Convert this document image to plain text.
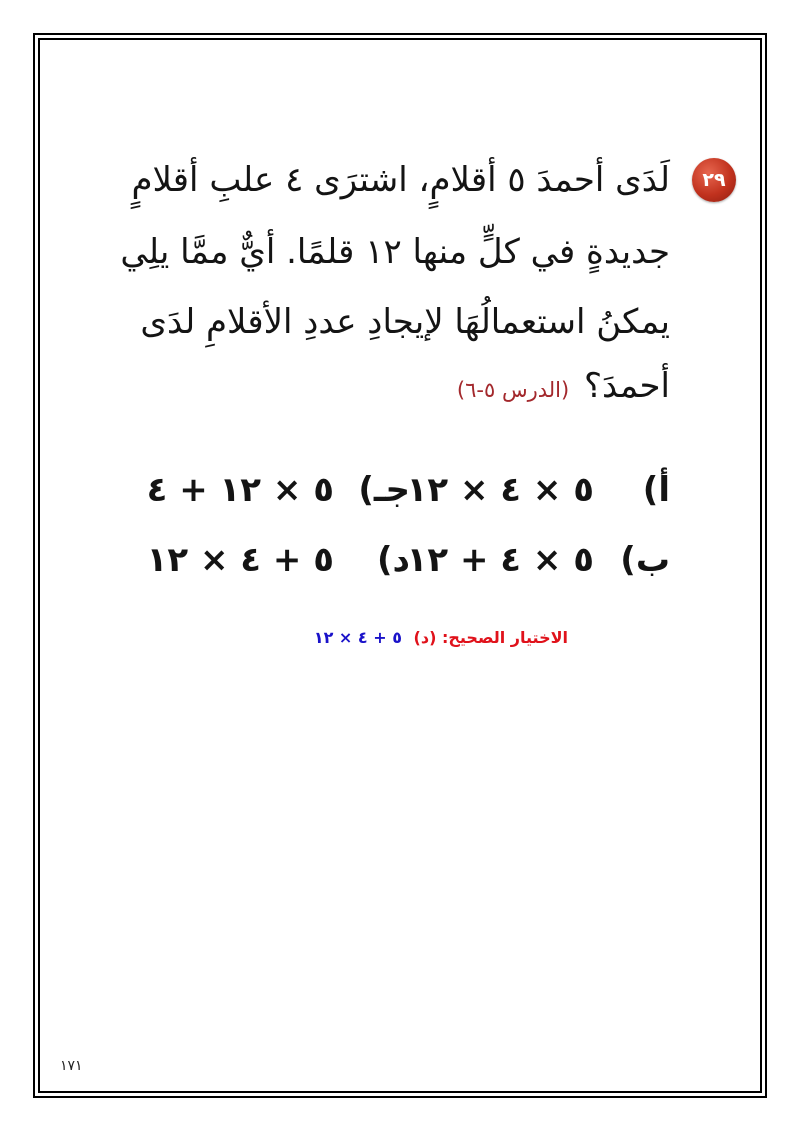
٢٩
لَدَى أحمدَ ٥ أقلامٍ، اشترَى ٤ علبِ أقلامٍ
جديدةٍ في كلٍّ منها ١٢ قلمًا. أيٌّ ممَّا يلِي
يمكنُ استعمالُهَا لإيجادِ عددِ الأقلامِ لدَى
أحمدَ؟ (الدرس ٥-٦)
أ)٥ × ٤ × ١٢
جـ)٥ × ١٢ + ٤
ب)٥ × ٤ + ١٢
د)٥ + ٤ × ١٢
الاختيار الصحيح: (د) ٥ + ٤ × ١٢
١٧١
